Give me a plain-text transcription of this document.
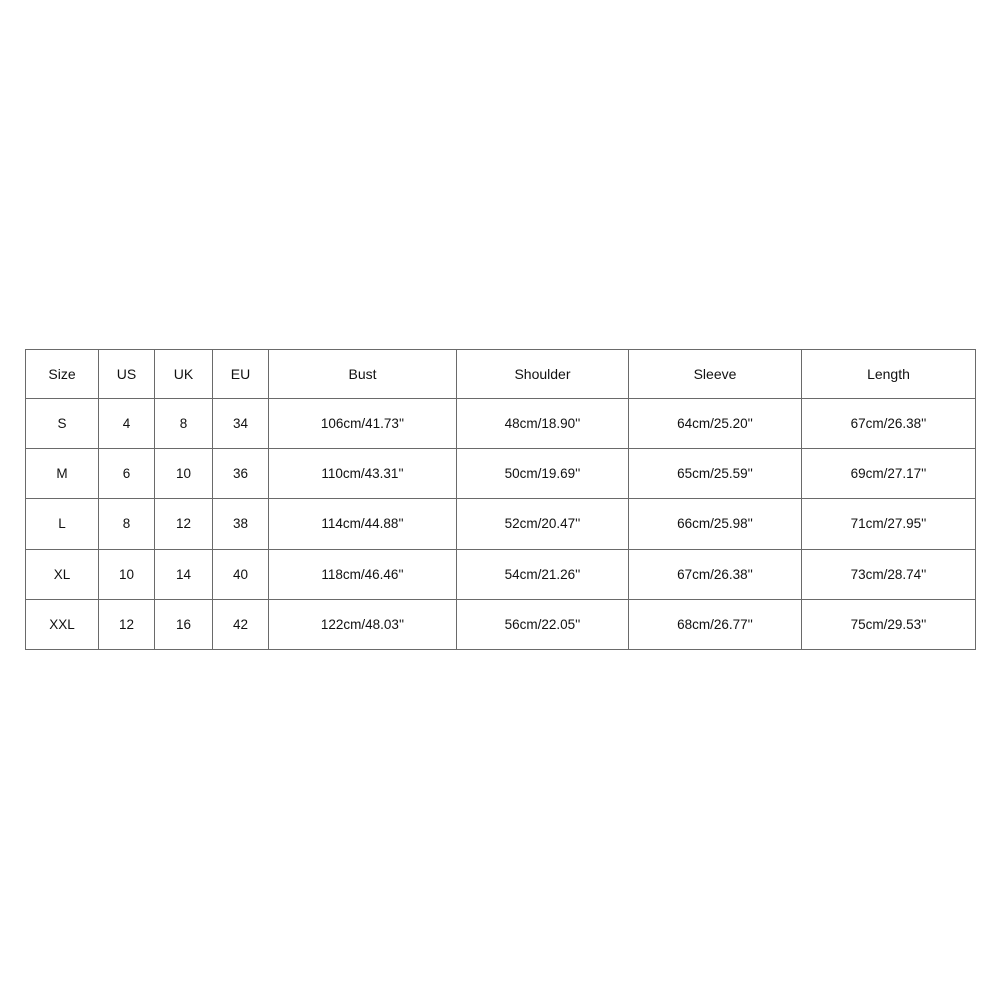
Size	US	UK	EU	Bust	Shoulder	Sleeve	Length
S	4	8	34	106cm/41.73''	48cm/18.90''	64cm/25.20''	67cm/26.38''
M	6	10	36	110cm/43.31''	50cm/19.69''	65cm/25.59''	69cm/27.17''
L	8	12	38	114cm/44.88''	52cm/20.47''	66cm/25.98''	71cm/27.95''
XL	10	14	40	118cm/46.46''	54cm/21.26''	67cm/26.38''	73cm/28.74''
XXL	12	16	42	122cm/48.03''	56cm/22.05''	68cm/26.77''	75cm/29.53''
